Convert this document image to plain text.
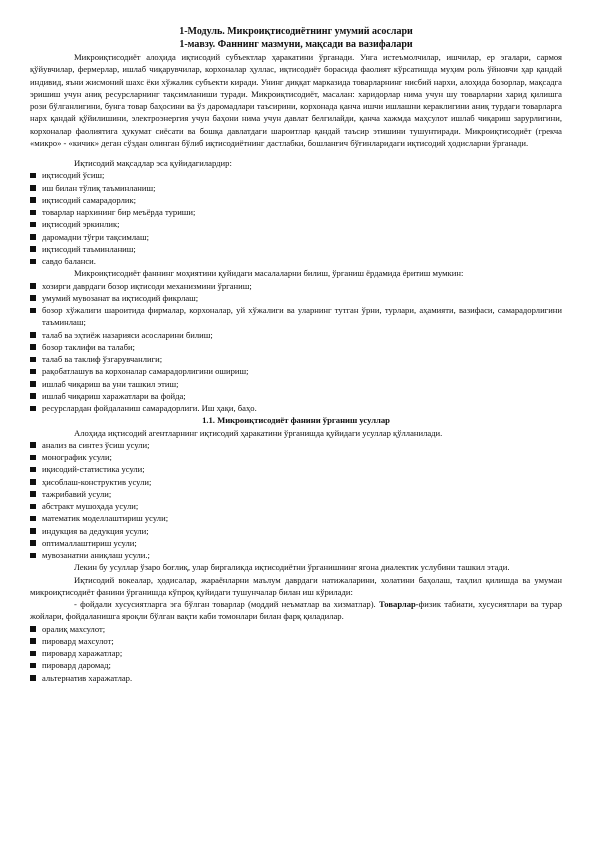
1-Модуль. Микроиқтисодиётнинг умумий асослари
1-мавзу. Фаннинг мазмуни, мақсади ва вазифалари

Микроиқтисодиёт алоҳида иқтисодий субъектлар ҳаракатини ўрганади. Унга истеъмолчилар, ишчилар, ер эгалари, сармоя қўйувчилар, фермерлар, ишлаб чиқарувчилар, корхоналар ҳуллас, иқтисодиёт борасида фаолият кўрсатишда муҳим роль ўйновчи ҳар қандай индивид, яъни жисмоний шахс ёки хўжалик субъекти киради. Унинг диққат марказида товарларнинг нисбий нархи, алоҳида бозорлар, мақсадга эришиш учун аниқ ресурсларнинг тақсимланиши туради. Микроиқтисодиёт, масалан: харидорлар нима учун шу товарларни харид қилишга рози бўлганлигини, бунга товар баҳосини ва ўз даромадлари таъсирини, корхонада қанча ишчи ишлашни кераклигини аниқ турдаги товарларга нарх қандай қўйилишини, электроэнергия учун баҳони нима учун давлат белгилайди, қанча хажмда маҳсулот ишлаб чиқариш зарурлигини, корхоналар фаолиятига ҳукумат сиёсати ва бошқа давлатдаги шароитлар қандай таъсир этишини тушунтиради. Микроиқтисодиёт (грекча «микро» - «кичик» деган сўздан олинган бўлиб иқтисодиётнинг дастлабки, бошланғич бўғинларидаги иқтисодий ҳодисларни ўрганади.

Иқтисодий мақсадлар эса қуйидагилардир:

иқтисодий ўсиш;
иш билан тўлиқ таъминланиш;
иқтисодий самарадорлик;
товарлар нархининг бир меъёрда туриши;
иқтисодий эркинлик;
даромадни тўғри тақсимлаш;
иқтисодий таъминланиш;
савдо баланси.

Микроиқтисодиёт фаннинг моҳиятини қуйидаги масалаларни билиш, ўрганиш ёрдамида ёритиш мумкин:

хозирги даврдаги бозор иқтисоди механизмини ўрганиш;
умумий мувозанат ва иқтисодий фикрлаш;
бозор хўжалиги шароитида фирмалар, корхоналар, уй хўжалиги ва уларнинг тутган ўрни, турлари, аҳамияти, вазифаси, самарадорлигини таъминлаш;
талаб ва эҳтиёж назарияси асосларини билиш;
бозор таклифи ва талаби;
талаб ва таклиф ўзгарувчанлиги;
рақобатлашув ва корхоналар самарадорлигини ошириш;
ишлаб чиқариш ва уни ташкил этиш;
ишлаб чиқариш харажатлари ва фойда;
ресурслардан фойдаланиш самарадорлиги. Иш ҳақи, баҳо.

1.1. Микроиқтисодиёт фанини ўрганиш усуллар

Алоҳида иқтисодий агентларнинг иқтисодий ҳаракатини ўрганишда қуйидаги усуллар қўлланилади.

анализ ва синтез ўсиш усули;
монографик усули;
иқисодий-статистика усули;
ҳисоблаш-конструктив усули;
тажрибавий усули;
абстракт мушоҳада усули;
математик моделлаштириш усули;
индукция ва дедукция усули;
оптималлаштириш усули;
мувозанатни аниқлаш усули.;

Лекин бу усуллар ўзаро боғлиқ, улар биргаликда иқтисодиётни ўрганишнинг ягона диалектик услубини ташкил этади.

Иқтисодий вокеалар, ҳодисалар, жараёнларни маълум даврдаги натижаларини, холатини баҳолаш, таҳлил қилишда ва умуман микроиқтисодиёт фанини ўрганишда кўпроқ қуйидаги тушунчалар билан иш кўрилади:

- фойдали хусусиятларга эга бўлган товарлар (моддий неъматлар ва хизматлар). Товарлар-физик табиати, хусусиятлари ва турар жойлари, фойдаланишга яроқли бўлган вақти каби томонлари билан фарқ қиладилар.

оралиқ махсулот;
пировард махсулот;
пировард харажатлар;
пировард даромад;
альтернатив харажатлар.
